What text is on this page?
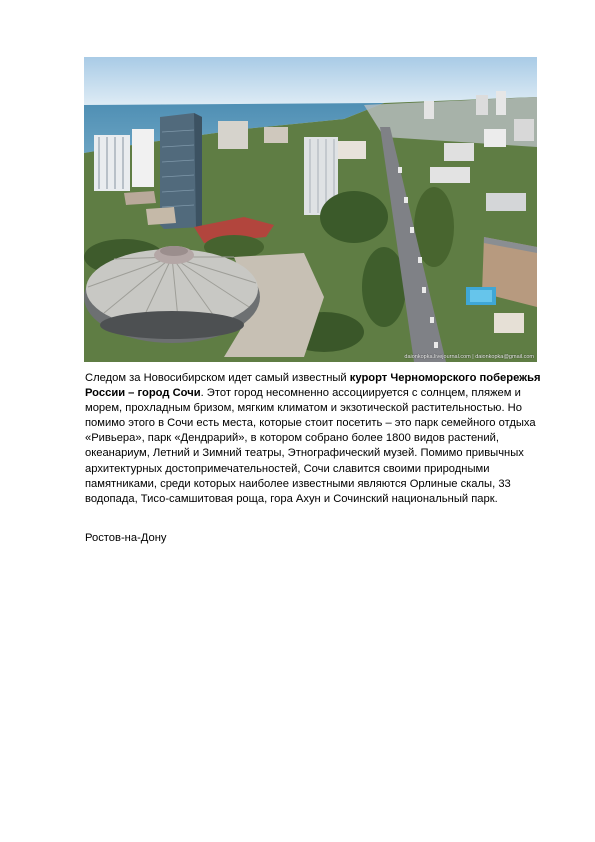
daionkopka.livejournal.com | daionkopka@gmail.com

Следом за Новосибирском идет самый известный курорт Черноморского побережья России – город Сочи. Этот город несомненно ассоциируется с солнцем, пляжем и морем, прохладным бризом, мягким климатом и экзотической растительностью. Но помимо этого в Сочи есть места, которые стоит посетить – это парк семейного отдыха «Ривьера», парк «Дендрарий», в котором собрано более 1800 видов растений, океанариум, Летний и Зимний театры, Этнографический музей. Помимо привычных архитектурных достопримечательностей, Сочи славится своими природными памятниками, среди которых наиболее известными являются Орлиные скалы, 33 водопада, Тисо-самшитовая роща, гора Ахун и Сочинский национальный парк.

Ростов-на-Дону
